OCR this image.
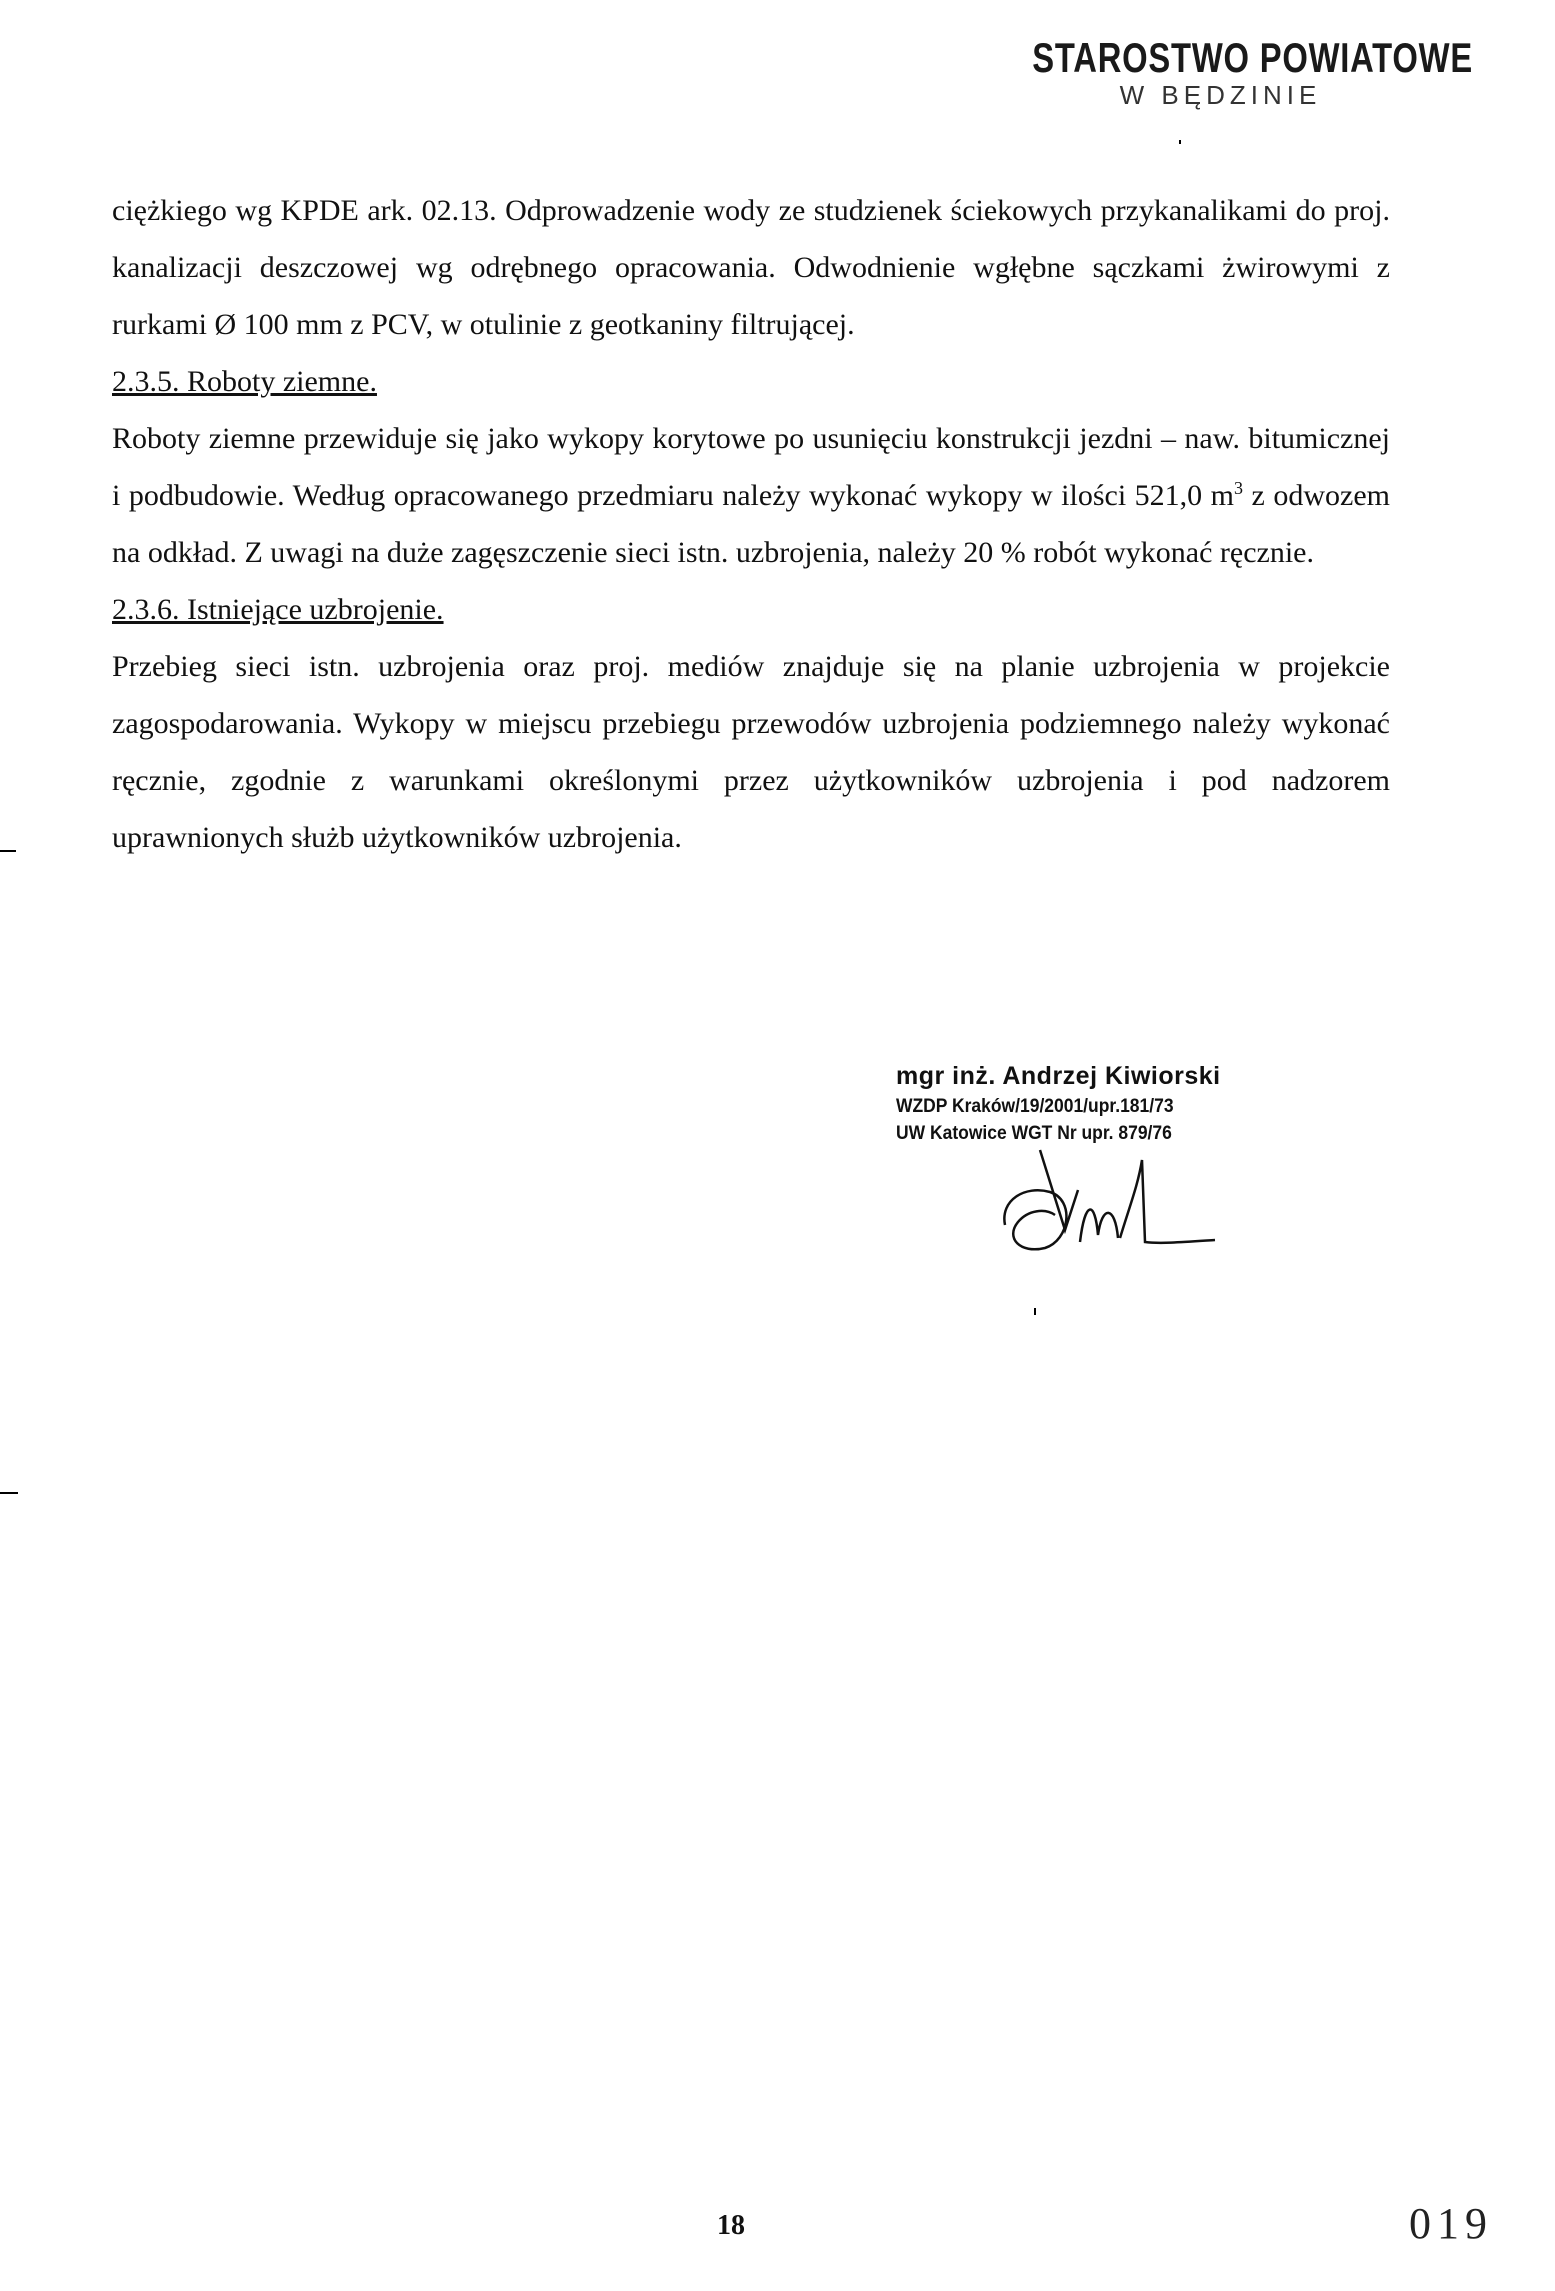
STAROSTWO POWIATOWE
W BĘDZINIE

ciężkiego wg KPDE ark. 02.13. Odprowadzenie wody ze studzienek ściekowych przykanalikami do proj. kanalizacji deszczowej wg odrębnego opracowania. Odwodnienie wgłębne sączkami żwirowymi z rurkami Ø 100 mm z PCV, w otulinie z geotkaniny filtrującej.

2.3.5. Roboty ziemne.

Roboty ziemne przewiduje się jako wykopy korytowe po usunięciu konstrukcji jezdni – naw. bitumicznej i podbudowie. Według opracowanego przedmiaru należy wykonać wykopy w ilości 521,0 $m^3$ z odwozem na odkład. Z uwagi na duże zagęszczenie sieci istn. uzbrojenia, należy 20 % robót wykonać ręcznie.

2.3.6. Istniejące uzbrojenie.

Przebieg sieci istn. uzbrojenia oraz proj. mediów znajduje się na planie uzbrojenia w projekcie zagospodarowania. Wykopy w miejscu przebiegu przewodów uzbrojenia podziemnego należy wykonać ręcznie, zgodnie z warunkami określonymi przez użytkowników uzbrojenia i pod nadzorem uprawnionych służb użytkowników uzbrojenia.

mgr inż. Andrzej Kiwiorski
WZDP Kraków/19/2001/upr.181/73
UW Katowice WGT Nr upr. 879/76
18	019
